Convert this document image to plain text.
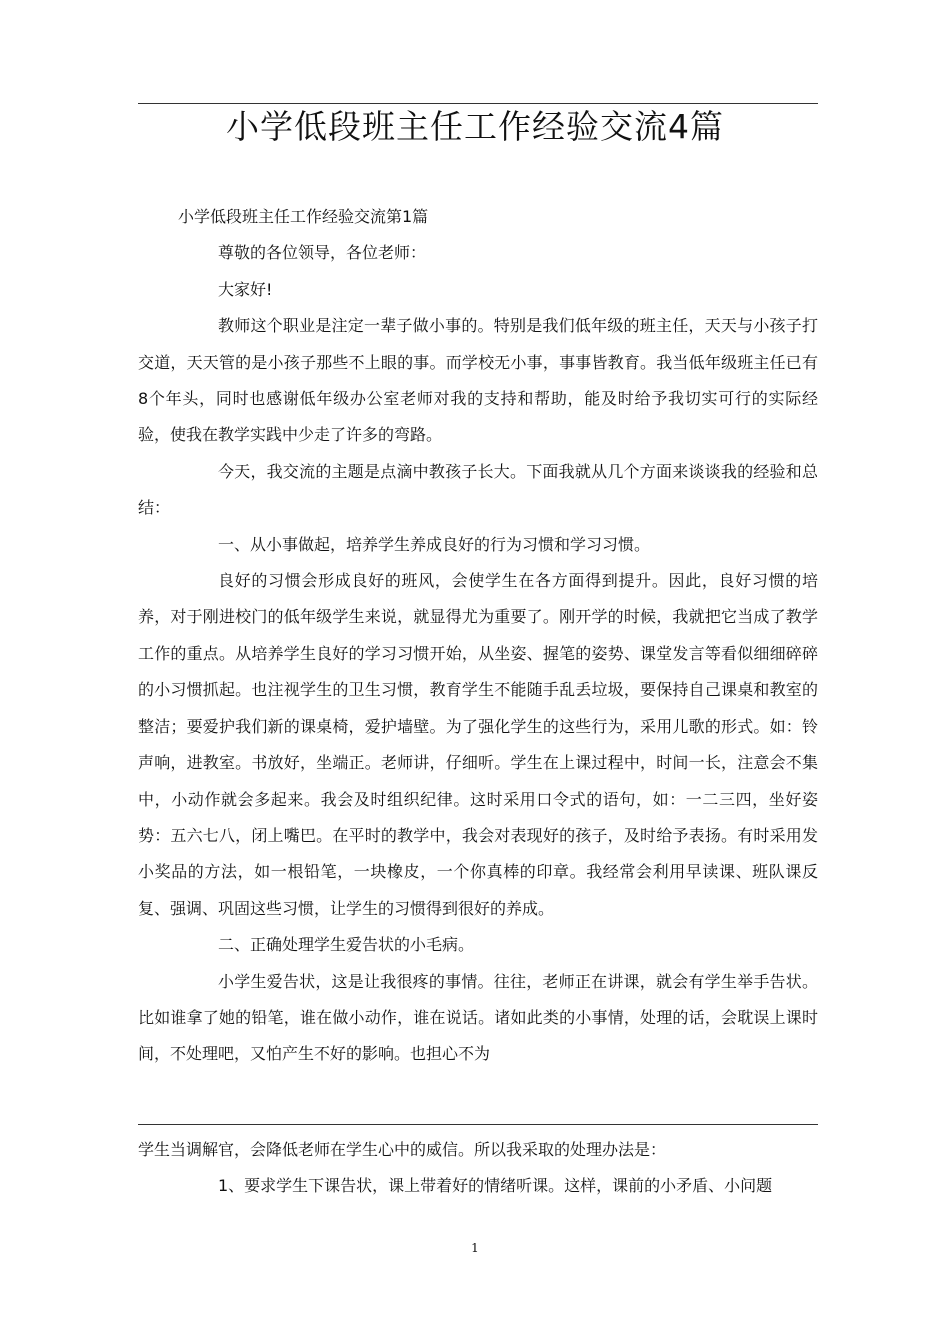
小学低段班主任工作经验交流4篇

小学低段班主任工作经验交流第1篇

尊敬的各位领导，各位老师：

大家好!

教师这个职业是注定一辈子做小事的。特别是我们低年级的班主任，天天与小孩子打交道，天天管的是小孩子那些不上眼的事。而学校无小事，事事皆教育。我当低年级班主任已有8个年头，同时也感谢低年级办公室老师对我的支持和帮助，能及时给予我切实可行的实际经验，使我在教学实践中少走了许多的弯路。

今天，我交流的主题是点滴中教孩子长大。下面我就从几个方面来谈谈我的经验和总结：

一、从小事做起，培养学生养成良好的行为习惯和学习习惯。

良好的习惯会形成良好的班风，会使学生在各方面得到提升。因此，良好习惯的培养，对于刚进校门的低年级学生来说，就显得尤为重要了。刚开学的时候，我就把它当成了教学工作的重点。从培养学生良好的学习习惯开始，从坐姿、握笔的姿势、课堂发言等看似细细碎碎的小习惯抓起。也注视学生的卫生习惯，教育学生不能随手乱丢垃圾，要保持自己课桌和教室的整洁；要爱护我们新的课桌椅，爱护墙壁。为了强化学生的这些行为，采用儿歌的形式。如：铃声响，进教室。书放好，坐端正。老师讲，仔细听。学生在上课过程中，时间一长，注意会不集中，小动作就会多起来。我会及时组织纪律。这时采用口令式的语句，如：一二三四，坐好姿势：五六七八，闭上嘴巴。在平时的教学中，我会对表现好的孩子，及时给予表扬。有时采用发小奖品的方法，如一根铅笔，一块橡皮，一个你真棒的印章。我经常会利用早读课、班队课反复、强调、巩固这些习惯，让学生的习惯得到很好的养成。

二、正确处理学生爱告状的小毛病。

小学生爱告状，这是让我很疼的事情。往往，老师正在讲课，就会有学生举手告状。比如谁拿了她的铅笔，谁在做小动作，谁在说话。诸如此类的小事情，处理的话，会耽误上课时间，不处理吧，又怕产生不好的影响。也担心不为

学生当调解官，会降低老师在学生心中的威信。所以我采取的处理办法是：

1、要求学生下课告状，课上带着好的情绪听课。这样，课前的小矛盾、小问题

1
